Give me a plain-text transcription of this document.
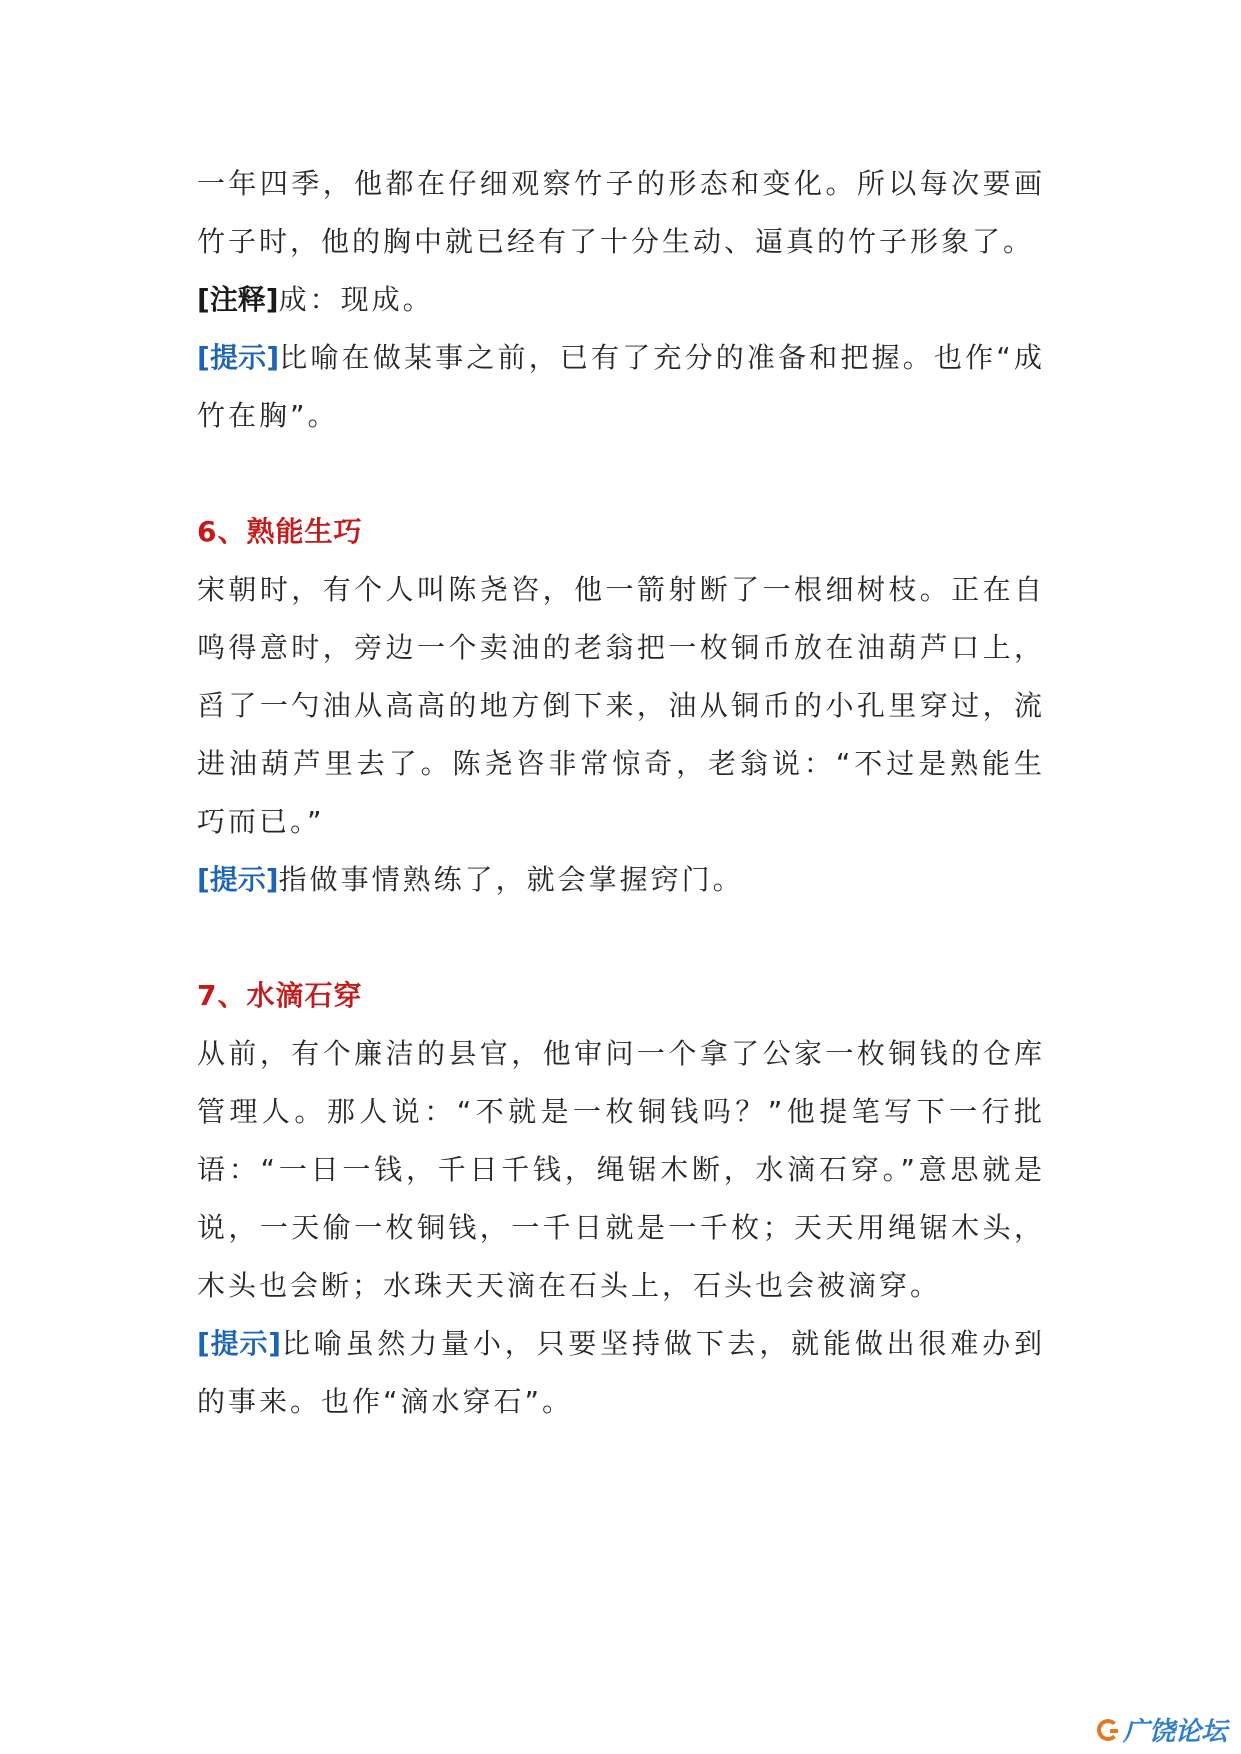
一年四季，他都在仔细观察竹子的形态和变化。所以每次要画竹子时，他的胸中就已经有了十分生动、逼真的竹子形象了。

[注释]成：现成。

[提示]比喻在做某事之前，已有了充分的准备和把握。也作“成竹在胸”。

6、熟能生巧

宋朝时，有个人叫陈尧咨，他一箭射断了一根细树枝。正在自鸣得意时，旁边一个卖油的老翁把一枚铜币放在油葫芦口上，舀了一勺油从高高的地方倒下来，油从铜币的小孔里穿过，流进油葫芦里去了。陈尧咨非常惊奇，老翁说：“不过是熟能生巧而已。”

[提示]指做事情熟练了，就会掌握窍门。

7、水滴石穿

从前，有个廉洁的县官，他审问一个拿了公家一枚铜钱的仓库管理人。那人说：“不就是一枚铜钱吗？”他提笔写下一行批语：“一日一钱，千日千钱，绳锯木断，水滴石穿。”意思就是说，一天偷一枚铜钱，一千日就是一千枚；天天用绳锯木头，木头也会断；水珠天天滴在石头上，石头也会被滴穿。

[提示]比喻虽然力量小，只要坚持做下去，就能做出很难办到的事来。也作“滴水穿石”。

广饶论坛
